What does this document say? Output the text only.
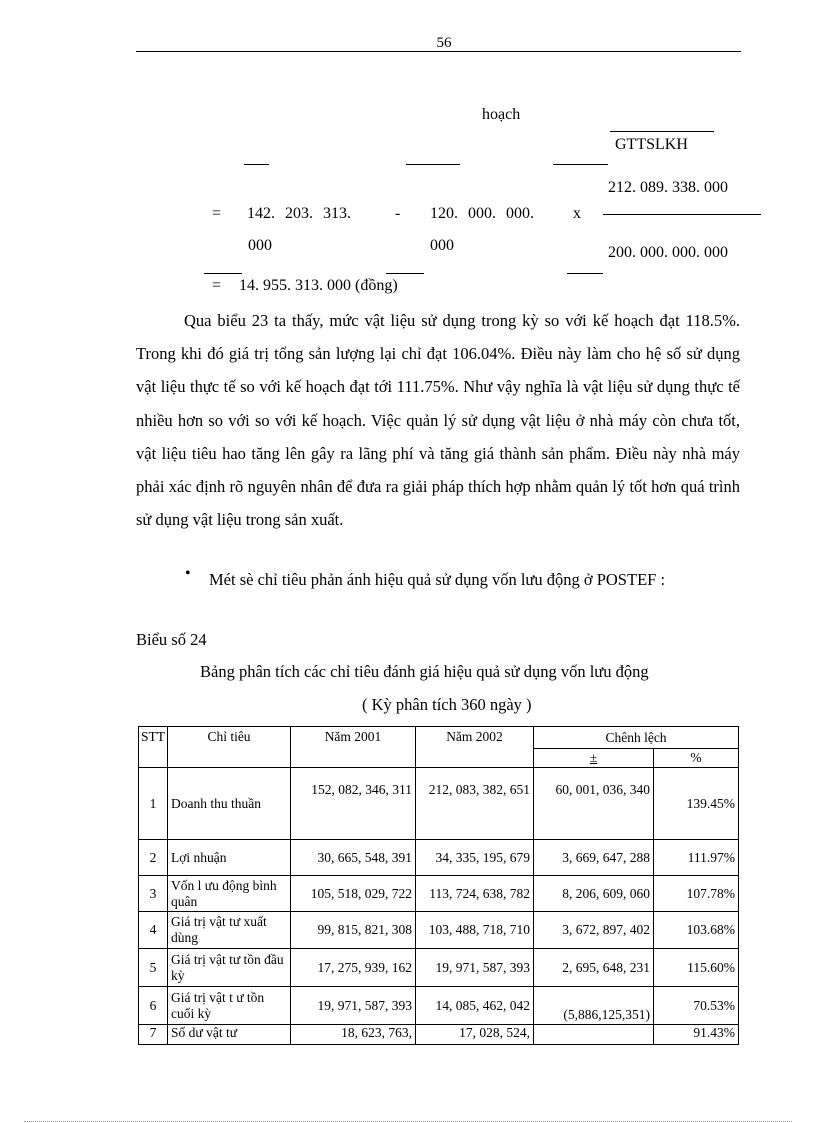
56
hoạch
GTTSLKH
= 142. 203. 313.
000
- 120. 000. 000.
000
x
212. 089. 338. 000
200. 000. 000. 000
= 14. 955. 313. 000 (đồng)

Qua biểu 23 ta thấy, mức vật liệu sử dụng trong kỳ so với kế hoạch đạt 118.5%. Trong khi đó giá trị tổng sản lượng lại chỉ đạt 106.04%. Điều này làm cho hệ số sử dụng vật liệu thực tế so với kế hoạch đạt tới 111.75%. Như vậy nghĩa là vật liệu sử dụng thực tế nhiều hơn so với so với kế hoạch. Việc quản lý sử dụng vật liệu ở nhà máy còn chưa tốt, vật liệu tiêu hao tăng lên gây ra lãng phí và tăng giá thành sản phẩm. Điều này nhà máy phải xác định rõ nguyên nhân để đưa ra giải pháp thích hợp nhằm quản lý tốt hơn quá trình sử dụng vật liệu trong sản xuất.

• Mét sè chỉ tiêu phản ánh hiệu quả sử dụng vốn lưu động ở POSTEF :

Biểu số 24
Bảng phân tích các chỉ tiêu đánh giá hiệu quả sử dụng vốn lưu động
( Kỳ phân tích 360 ngày )
STT	Chỉ tiêu	Năm 2001	Năm 2002	Chênh lệch	
				±	%
1	Doanh thu thuần	152, 082, 346, 311	212, 083, 382, 651	60, 001, 036, 340	139.45%
2	Lợi nhuận	30, 665, 548, 391	34, 335, 195, 679	3, 669, 647, 288	111.97%
3	Vốn l ưu động bình quân	105, 518, 029, 722	113, 724, 638, 782	8, 206, 609, 060	107.78%
4	Giá trị vật tư xuất dùng	99, 815, 821, 308	103, 488, 718, 710	3, 672, 897, 402	103.68%
5	Giá trị vật tư tồn đầu kỳ	17, 275, 939, 162	19, 971, 587, 393	2, 695, 648, 231	115.60%
6	Giá trị vật t ư tồn cuối kỳ	19, 971, 587, 393	14, 085, 462, 042	(5,886,125,351)	70.53%
7	Số dư vật tư	18, 623, 763,	17, 028, 524,		91.43%
